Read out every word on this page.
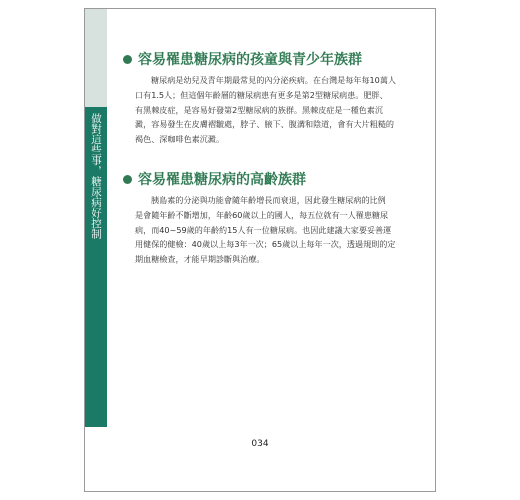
做對這些事，糖尿病好控制
容易罹患糖尿病的孩童與青少年族群

糖尿病是幼兒及青年期最常見的內分泌疾病。在台灣是每年每10萬人

口有1.5人；但這個年齡層的糖尿病患有更多是第2型糖尿病患。肥胖、

有黑棘皮症，是容易好發第2型糖尿病的族群。黑棘皮症是一種色素沉

澱，容易發生在皮膚褶皺處，脖子、腋下、腹溝和陰道，會有大片粗糙的

褐色、深咖啡色素沉澱。

容易罹患糖尿病的高齡族群

胰島素的分泌與功能會隨年齡增長而衰退，因此發生糖尿病的比例

是會隨年齡不斷增加，年齡60歲以上的國人，每五位就有一人罹患糖尿

病，而40~59歲的年齡約15人有一位糖尿病。也因此建議大家要妥善運

用健保的健檢：40歲以上每3年一次；65歲以上每年一次，透過規則的定

期血糖檢查，才能早期診斷與治療。

034
